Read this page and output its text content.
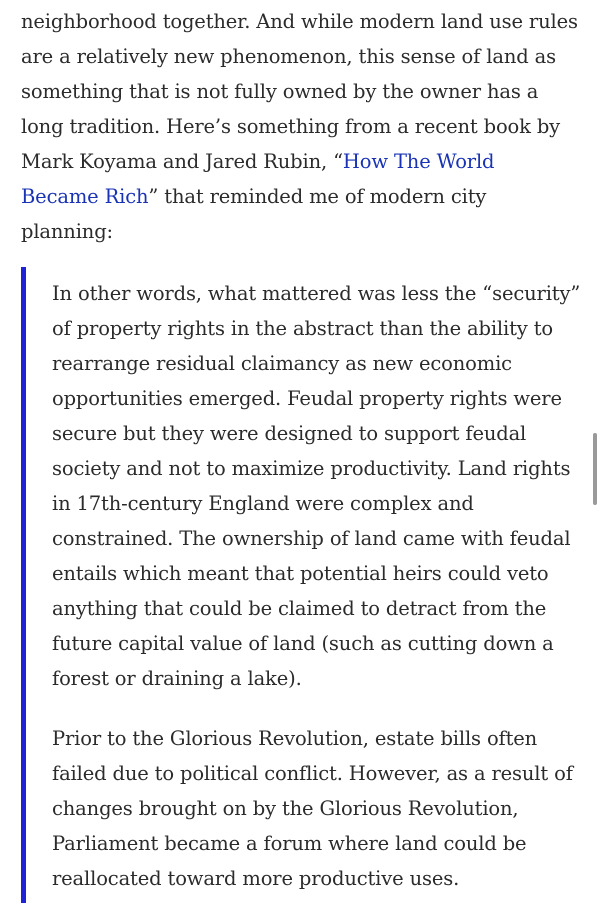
neighborhood together. And while modern land use rules
are a relatively new phenomenon, this sense of land as
something that is not fully owned by the owner has a
long tradition. Here’s something from a recent book by
Mark Koyama and Jared Rubin, “How The World
Became Rich” that reminded me of modern city
planning:

In other words, what mattered was less the “security”
of property rights in the abstract than the ability to
rearrange residual claimancy as new economic
opportunities emerged. Feudal property rights were
secure but they were designed to support feudal
society and not to maximize productivity. Land rights
in 17th-century England were complex and
constrained. The ownership of land came with feudal
entails which meant that potential heirs could veto
anything that could be claimed to detract from the
future capital value of land (such as cutting down a
forest or draining a lake).

Prior to the Glorious Revolution, estate bills often
failed due to political conflict. However, as a result of
changes brought on by the Glorious Revolution,
Parliament became a forum where land could be
reallocated toward more productive uses.
